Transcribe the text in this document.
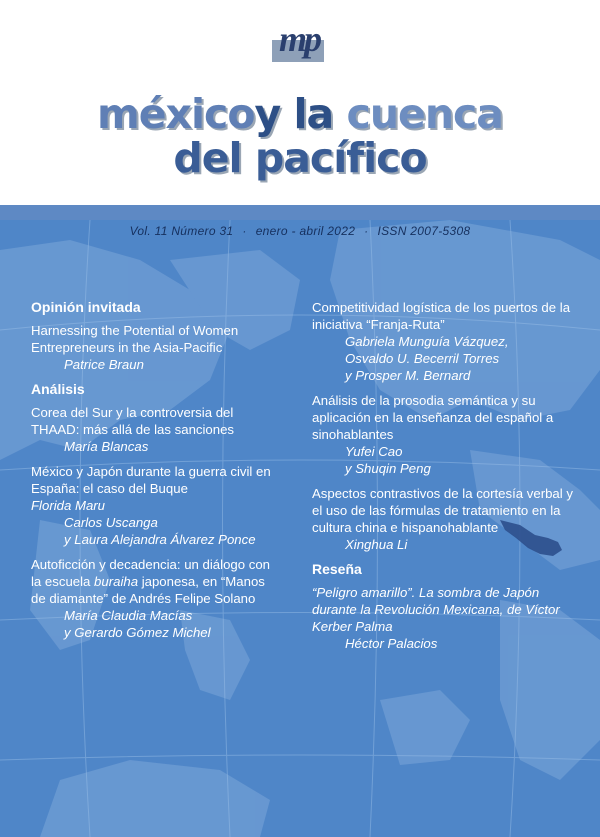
mp
méxicoy la cuenca
del pacífico
Vol. 11 Número 31 · enero - abril 2022 · ISSN 2007-5308
Opinión invitada
Harnessing the Potential of Women Entrepreneurs in the Asia-Pacific
Patrice Braun
Análisis
Corea del Sur y la controversia del THAAD: más allá de las sanciones
María Blancas
México y Japón durante la guerra civil en España: el caso del Buque
Florida Maru
Carlos Uscanga
y Laura Alejandra Álvarez Ponce
Autoficción y decadencia: un diálogo con la escuela buraiha japonesa, en “Manos de diamante” de Andrés Felipe Solano
María Claudia Macías
y Gerardo Gómez Michel
Competitividad logística de los puertos de la iniciativa “Franja-Ruta”
Gabriela Munguía Vázquez,
Osvaldo U. Becerril Torres
y Prosper M. Bernard
Análisis de la prosodia semántica y su aplicación en la enseñanza del español a sinohablantes
Yufei Cao
y Shuqin Peng
Aspectos contrastivos de la cortesía verbal y el uso de las fórmulas de tratamiento en la cultura china e hispanohablante
Xinghua Li
Reseña
“Peligro amarillo”. La sombra de Japón durante la Revolución Mexicana, de Víctor Kerber Palma
Héctor Palacios
